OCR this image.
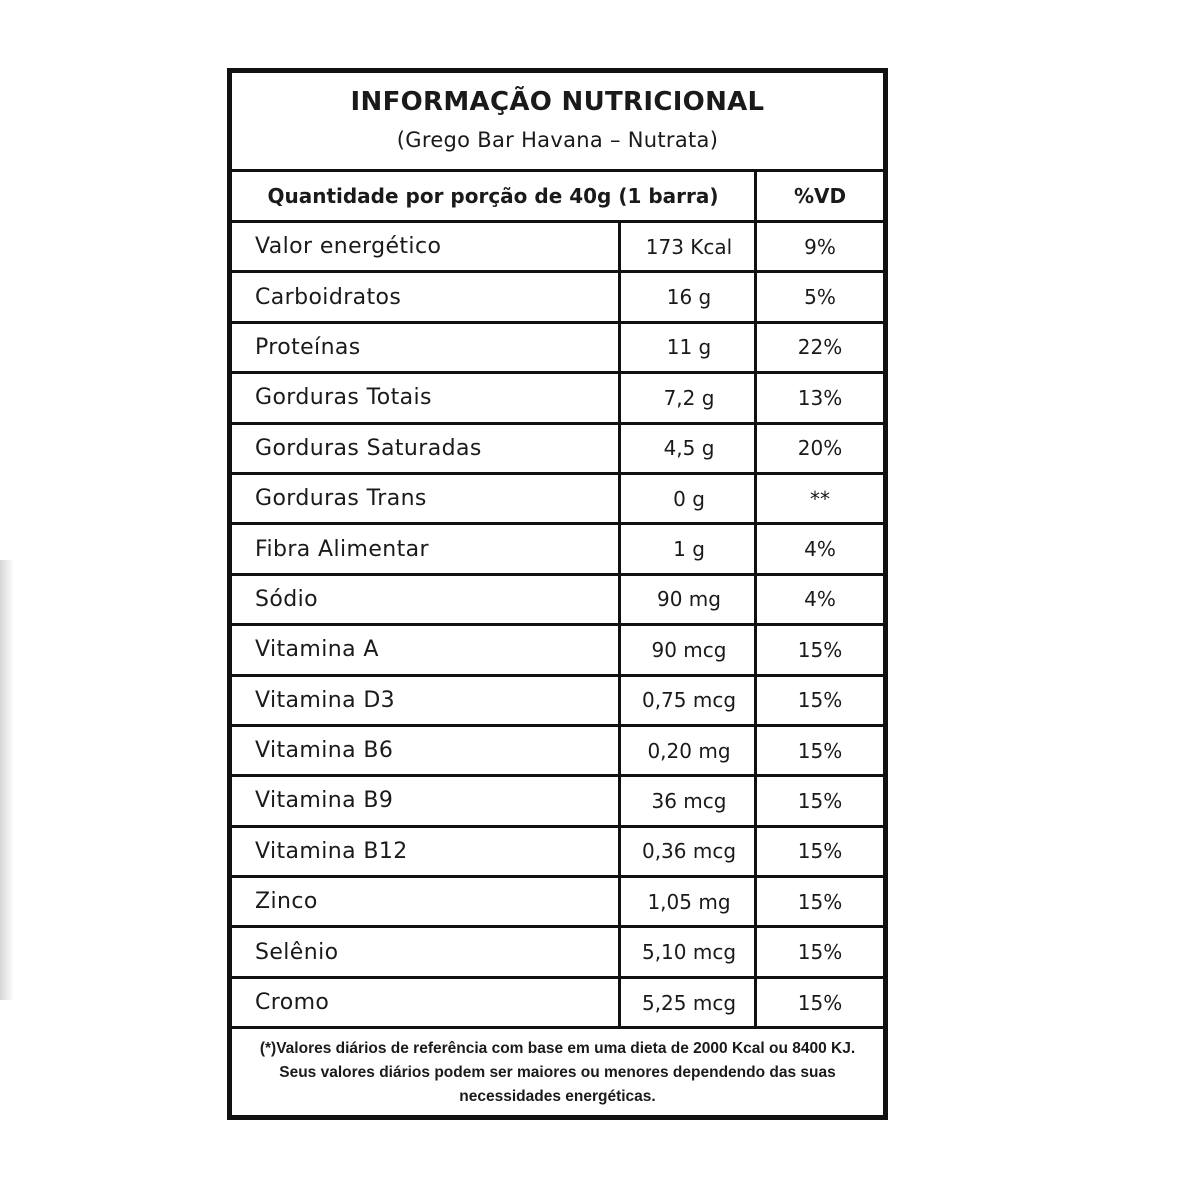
INFORMAÇÃO NUTRICIONAL
(Grego Bar Havana – Nutrata)
Quantidade por porção de 40g (1 barra)	%VD
Valor energético	173 Kcal	9%
Carboidratos	16 g	5%
Proteínas	11 g	22%
Gorduras Totais	7,2 g	13%
Gorduras Saturadas	4,5 g	20%
Gorduras Trans	0 g	**
Fibra Alimentar	1 g	4%
Sódio	90 mg	4%
Vitamina A	90 mcg	15%
Vitamina D3	0,75 mcg	15%
Vitamina B6	0,20 mg	15%
Vitamina B9	36 mcg	15%
Vitamina B12	0,36 mcg	15%
Zinco	1,05 mg	15%
Selênio	5,10 mcg	15%
Cromo	5,25 mcg	15%
(*)Valores diários de referência com base em uma dieta de 2000 Kcal ou 8400 KJ. Seus valores diários podem ser maiores ou menores dependendo das suas necessidades energéticas.
